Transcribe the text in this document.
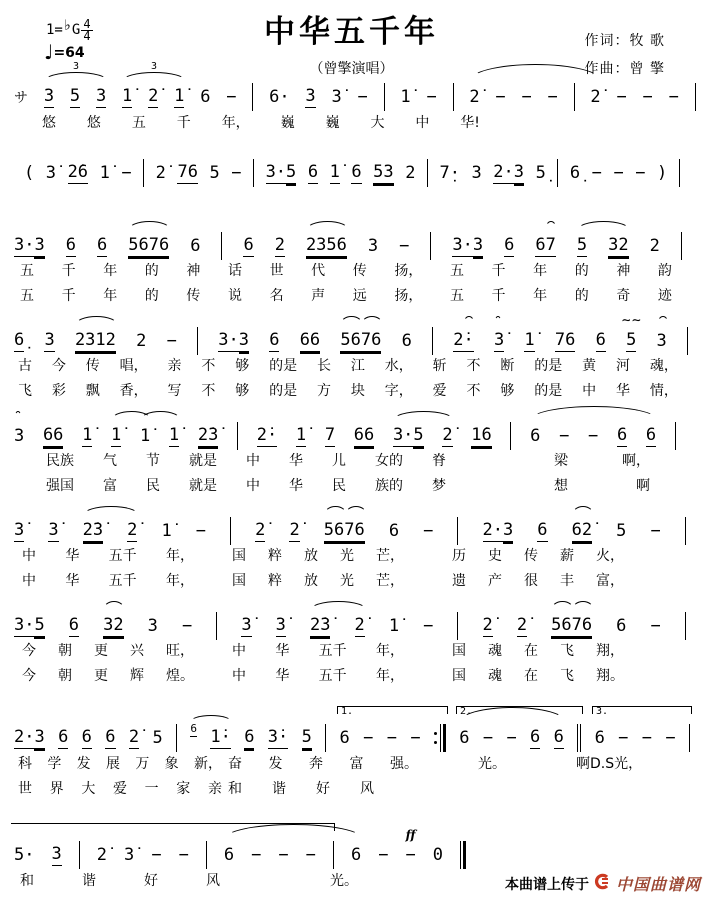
1=♭G $\frac{4}{4}$
♩=64
中华五千年
（曾擎演唱）
作词：牧 歌
作曲：曾 擎
サ 3 5 3 1̇ 2̇ 1̇ 6 − 6· 3 3̇ − 1̇ − 2̇ − − − 2̇ − − −
悠 悠 五 千 年， 巍 巍 大 中 华!
3	3
( 3̇ 2̇6 1̇ − 2̇ 76 5 − 3·5 6 1̇ 6 53 2 7̣· 3 2·3 5̣ 6̣ − − − )
3·3 6 6 5676 6	6 2 2356 3 −	3·3 6 67 5 32 2
五 千 年 的 神 话 世 代 传 扬， 五 千 年 的 神 韵
五 千 年 的 传 说 名 声 远 扬， 五 千 年 的 奇 迹
6̣ 3 2312 2 − 3·3 6 66 5676 6 2̇· 3̇ 1̇ 76 6 5
∼∼
3
古 今 传 唱， 亲 不 够 的是 长 江 水， 斩 不 断 的是 黄 河 魂，
飞 彩 飘 香， 写 不 够 的是 方 块 字， 爱 不 够 的是 中 华 情，
3 66 1̇ 1̇ 1̇ 1̇ 2̇3̇ 2̇· 1̇ 7 66 3·5 2̇ 1̇6 6 − − 6 6
民族 气 节 就是 中 华 儿 女的 脊	梁	啊，
强国 富 民 就是 中 华 民 族的 梦	想	啊
3̇ 3̇ 2̇3̇ 2̇ 1̇ −	2̇ 2̇ 5676 6 −	2·3 6 62̇ 5 −
中 华 五千 年，	国 粹 放 光 芒，	历 史 传 薪 火，
中 华 五千 年，	国 粹 放 光 芒，	遗 产 很 丰 富，
3·5 6 3̇2 3 −	3̇ 3̇ 2̇3̇ 2̇ 1̇ −	2̇ 2̇ 5676 6 −
今 朝 更 兴 旺，	中 华 五千 年，	国 魂 在 飞 翔，
今 朝 更 辉 煌。	中 华 五千 年，	国 魂 在 飞 翔。
2·3 6 6 6 2̇ 5	6 1̇· 6 3̇· 5 6 − − − 6 − − 6 6 6 − − −
科 学 发 展 万 象 新， 奋 发 奔 富 强。	光。	啊D.S光，
世 界 大 爱 一 家 亲 和 谐 好 风
1.	2.	3.
5· 3 2̇ 3̇ − − 6 − − − 6 − −
ff
0
和	谐	好	风	光。	本曲谱上传于 中国曲谱网
